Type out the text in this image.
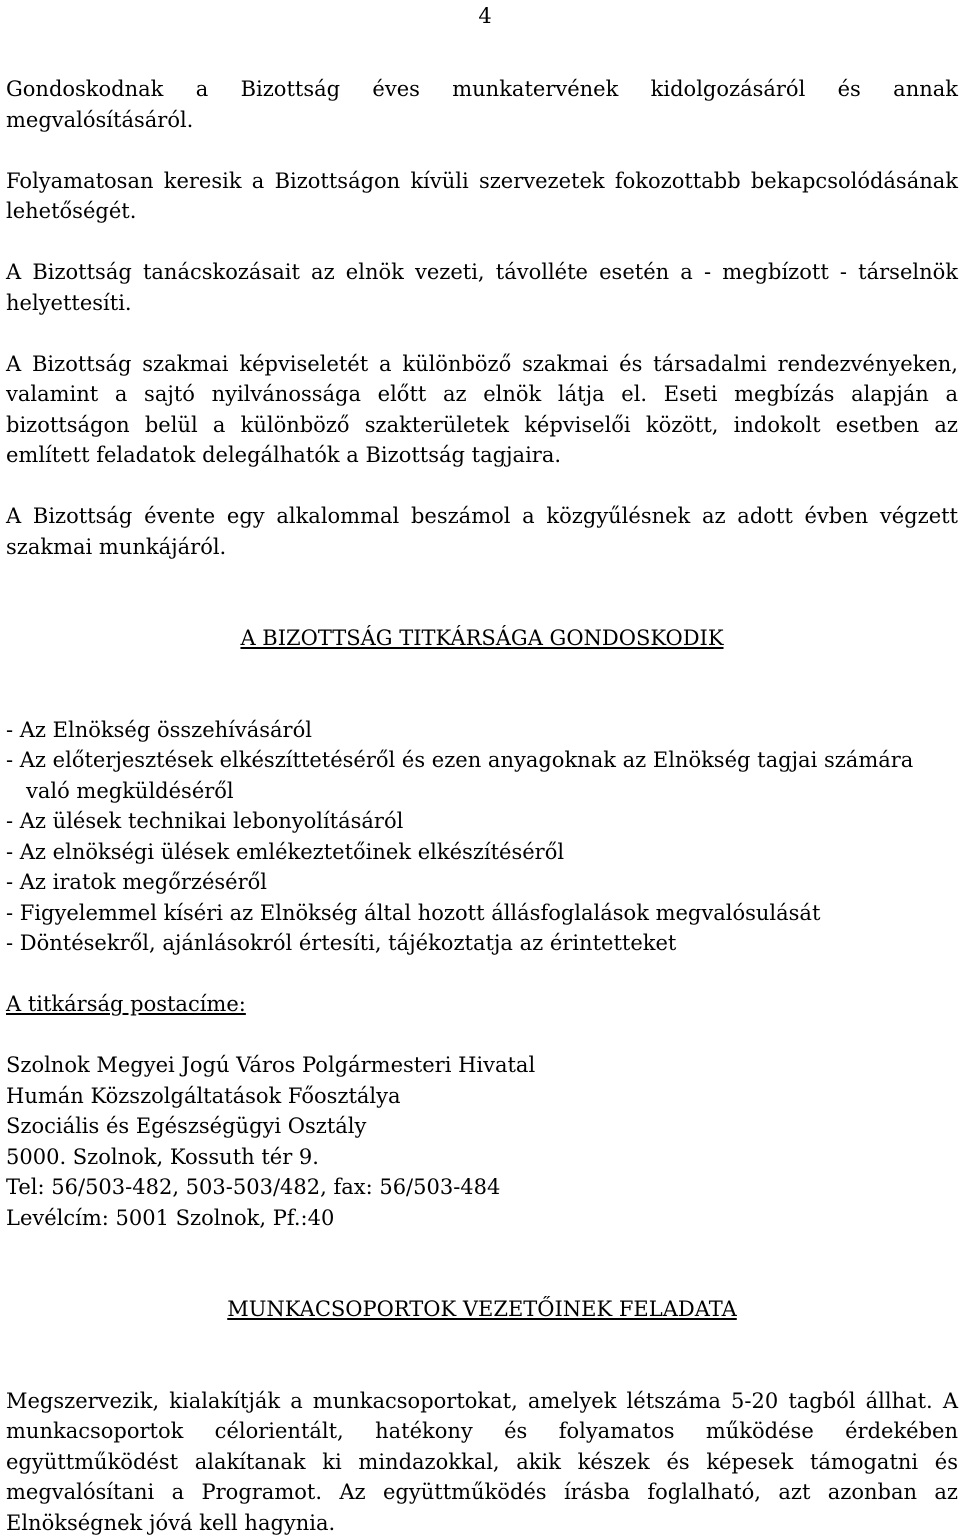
4

Gondoskodnak a Bizottság éves munkatervének kidolgozásáról és annak megvalósításáról.

Folyamatosan keresik a Bizottságon kívüli szervezetek fokozottabb bekapcsolódásának lehetőségét.

A Bizottság tanácskozásait az elnök vezeti, távolléte esetén a - megbízott - társelnök helyettesíti.

A Bizottság szakmai képviseletét a különböző szakmai és társadalmi rendezvényeken, valamint a sajtó nyilvánossága előtt az elnök látja el. Eseti megbízás alapján a bizottságon belül a különböző szakterületek képviselői között, indokolt esetben az említett feladatok delegálhatók a Bizottság tagjaira.

A Bizottság évente egy alkalommal beszámol a közgyűlésnek az adott évben végzett szakmai munkájáról.

A BIZOTTSÁG TITKÁRSÁGA GONDOSKODIK
- Az Elnökség összehívásáról
- Az előterjesztések elkészíttetéséről és ezen anyagoknak az Elnökség tagjai számára való megküldéséről
- Az ülések technikai lebonyolításáról
- Az elnökségi ülések emlékeztetőinek elkészítéséről
- Az iratok megőrzéséről
- Figyelemmel kíséri az Elnökség által hozott állásfoglalások megvalósulását
- Döntésekről, ajánlásokról értesíti, tájékoztatja az érintetteket
A titkárság postacíme:
Szolnok Megyei Jogú Város Polgármesteri Hivatal
Humán Közszolgáltatások Főosztálya
Szociális és Egészségügyi Osztály
5000. Szolnok, Kossuth tér 9.
Tel: 56/503-482, 503-503/482, fax: 56/503-484
Levélcím: 5001 Szolnok, Pf.:40
MUNKACSOPORTOK VEZETŐINEK FELADATA

Megszervezik, kialakítják a munkacsoportokat, amelyek létszáma 5-20 tagból állhat. A munkacsoportok célorientált, hatékony és folyamatos működése érdekében együttműködést alakítanak ki mindazokkal, akik készek és képesek támogatni és megvalósítani a Programot. Az együttműködés írásba foglalható, azt azonban az Elnökségnek jóvá kell hagynia.
